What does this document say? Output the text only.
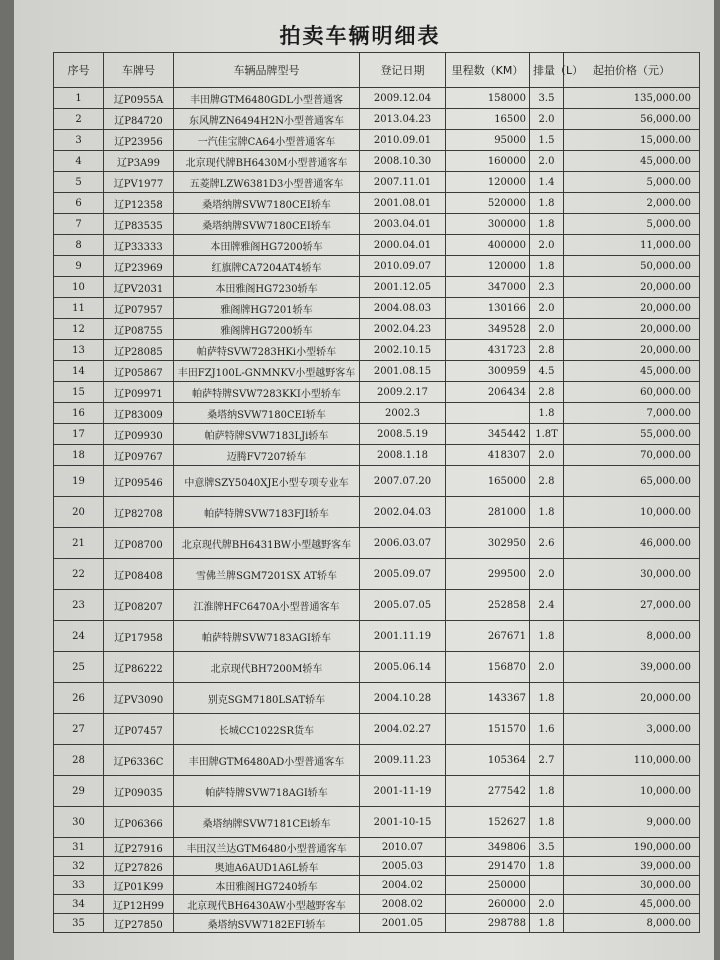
拍卖车辆明细表
序号	车牌号	车辆品牌型号	登记日期	里程数（KM）	排量（L）	起拍价格（元）
1	辽P0955A	丰田牌GTM6480GDL小型普通客	2009.12.04	158000	3.5	135,000.00
2	辽P84720	东风牌ZN6494H2N小型普通客车	2013.04.23	16500	2.0	56,000.00
3	辽P23956	一汽佳宝牌CA64小型普通客车	2010.09.01	95000	1.5	15,000.00
4	辽P3A99	北京现代牌BH6430M小型普通客车	2008.10.30	160000	2.0	45,000.00
5	辽PV1977	五菱牌LZW6381D3小型普通客车	2007.11.01	120000	1.4	5,000.00
6	辽P12358	桑塔纳牌SVW7180CEI轿车	2001.08.01	520000	1.8	2,000.00
7	辽P83535	桑塔纳牌SVW7180CEI轿车	2003.04.01	300000	1.8	5,000.00
8	辽P33333	本田牌雅阁HG7200轿车	2000.04.01	400000	2.0	11,000.00
9	辽P23969	红旗牌CA7204AT4轿车	2010.09.07	120000	1.8	50,000.00
10	辽PV2031	本田雅阁HG7230轿车	2001.12.05	347000	2.3	20,000.00
11	辽P07957	雅阁牌HG7201轿车	2004.08.03	130166	2.0	20,000.00
12	辽P08755	雅阁牌HG7200轿车	2002.04.23	349528	2.0	20,000.00
13	辽P28085	帕萨特SVW7283HKi小型轿车	2002.10.15	431723	2.8	20,000.00
14	辽P05867	丰田FZJ100L-GNMNKV小型越野客车	2001.08.15	300959	4.5	45,000.00
15	辽P09971	帕萨特牌SVW7283KKI小型轿车	2009.2.17	206434	2.8	60,000.00
16	辽P83009	桑塔纳SVW7180CEI轿车	2002.3		1.8	7,000.00
17	辽P09930	帕萨特牌SVW7183LJi轿车	2008.5.19	345442	1.8T	55,000.00
18	辽P09767	迈腾FV7207轿车	2008.1.18	418307	2.0	70,000.00
19	辽P09546	中意牌SZY5040XJE小型专项专业车	2007.07.20	165000	2.8	65,000.00
20	辽P82708	帕萨特牌SVW7183FJI轿车	2002.04.03	281000	1.8	10,000.00
21	辽P08700	北京现代牌BH6431BW小型越野客车	2006.03.07	302950	2.6	46,000.00
22	辽P08408	雪佛兰牌SGM7201SX AT轿车	2005.09.07	299500	2.0	30,000.00
23	辽P08207	江淮牌HFC6470A小型普通客车	2005.07.05	252858	2.4	27,000.00
24	辽P17958	帕萨特牌SVW7183AGI轿车	2001.11.19	267671	1.8	8,000.00
25	辽P86222	北京现代BH7200M轿车	2005.06.14	156870	2.0	39,000.00
26	辽PV3090	别克SGM7180LSAT轿车	2004.10.28	143367	1.8	20,000.00
27	辽P07457	长城CC1022SR货车	2004.02.27	151570	1.6	3,000.00
28	辽P6336C	丰田牌GTM6480AD小型普通客车	2009.11.23	105364	2.7	110,000.00
29	辽P09035	帕萨特牌SVW718AGI轿车	2001-11-19	277542	1.8	10,000.00
30	辽P06366	桑塔纳牌SVW7181CEi轿车	2001-10-15	152627	1.8	9,000.00
31	辽P27916	丰田汉兰达GTM6480小型普通客车	2010.07	349806	3.5	190,000.00
32	辽P27826	奥迪A6AUD1A6L轿车	2005.03	291470	1.8	39,000.00
33	辽P01K99	本田雅阁HG7240轿车	2004.02	250000		30,000.00
34	辽P12H99	北京现代BH6430AW小型越野客车	2008.02	260000	2.0	45,000.00
35	辽P27850	桑塔纳SVW7182EFI轿车	2001.05	298788	1.8	8,000.00
